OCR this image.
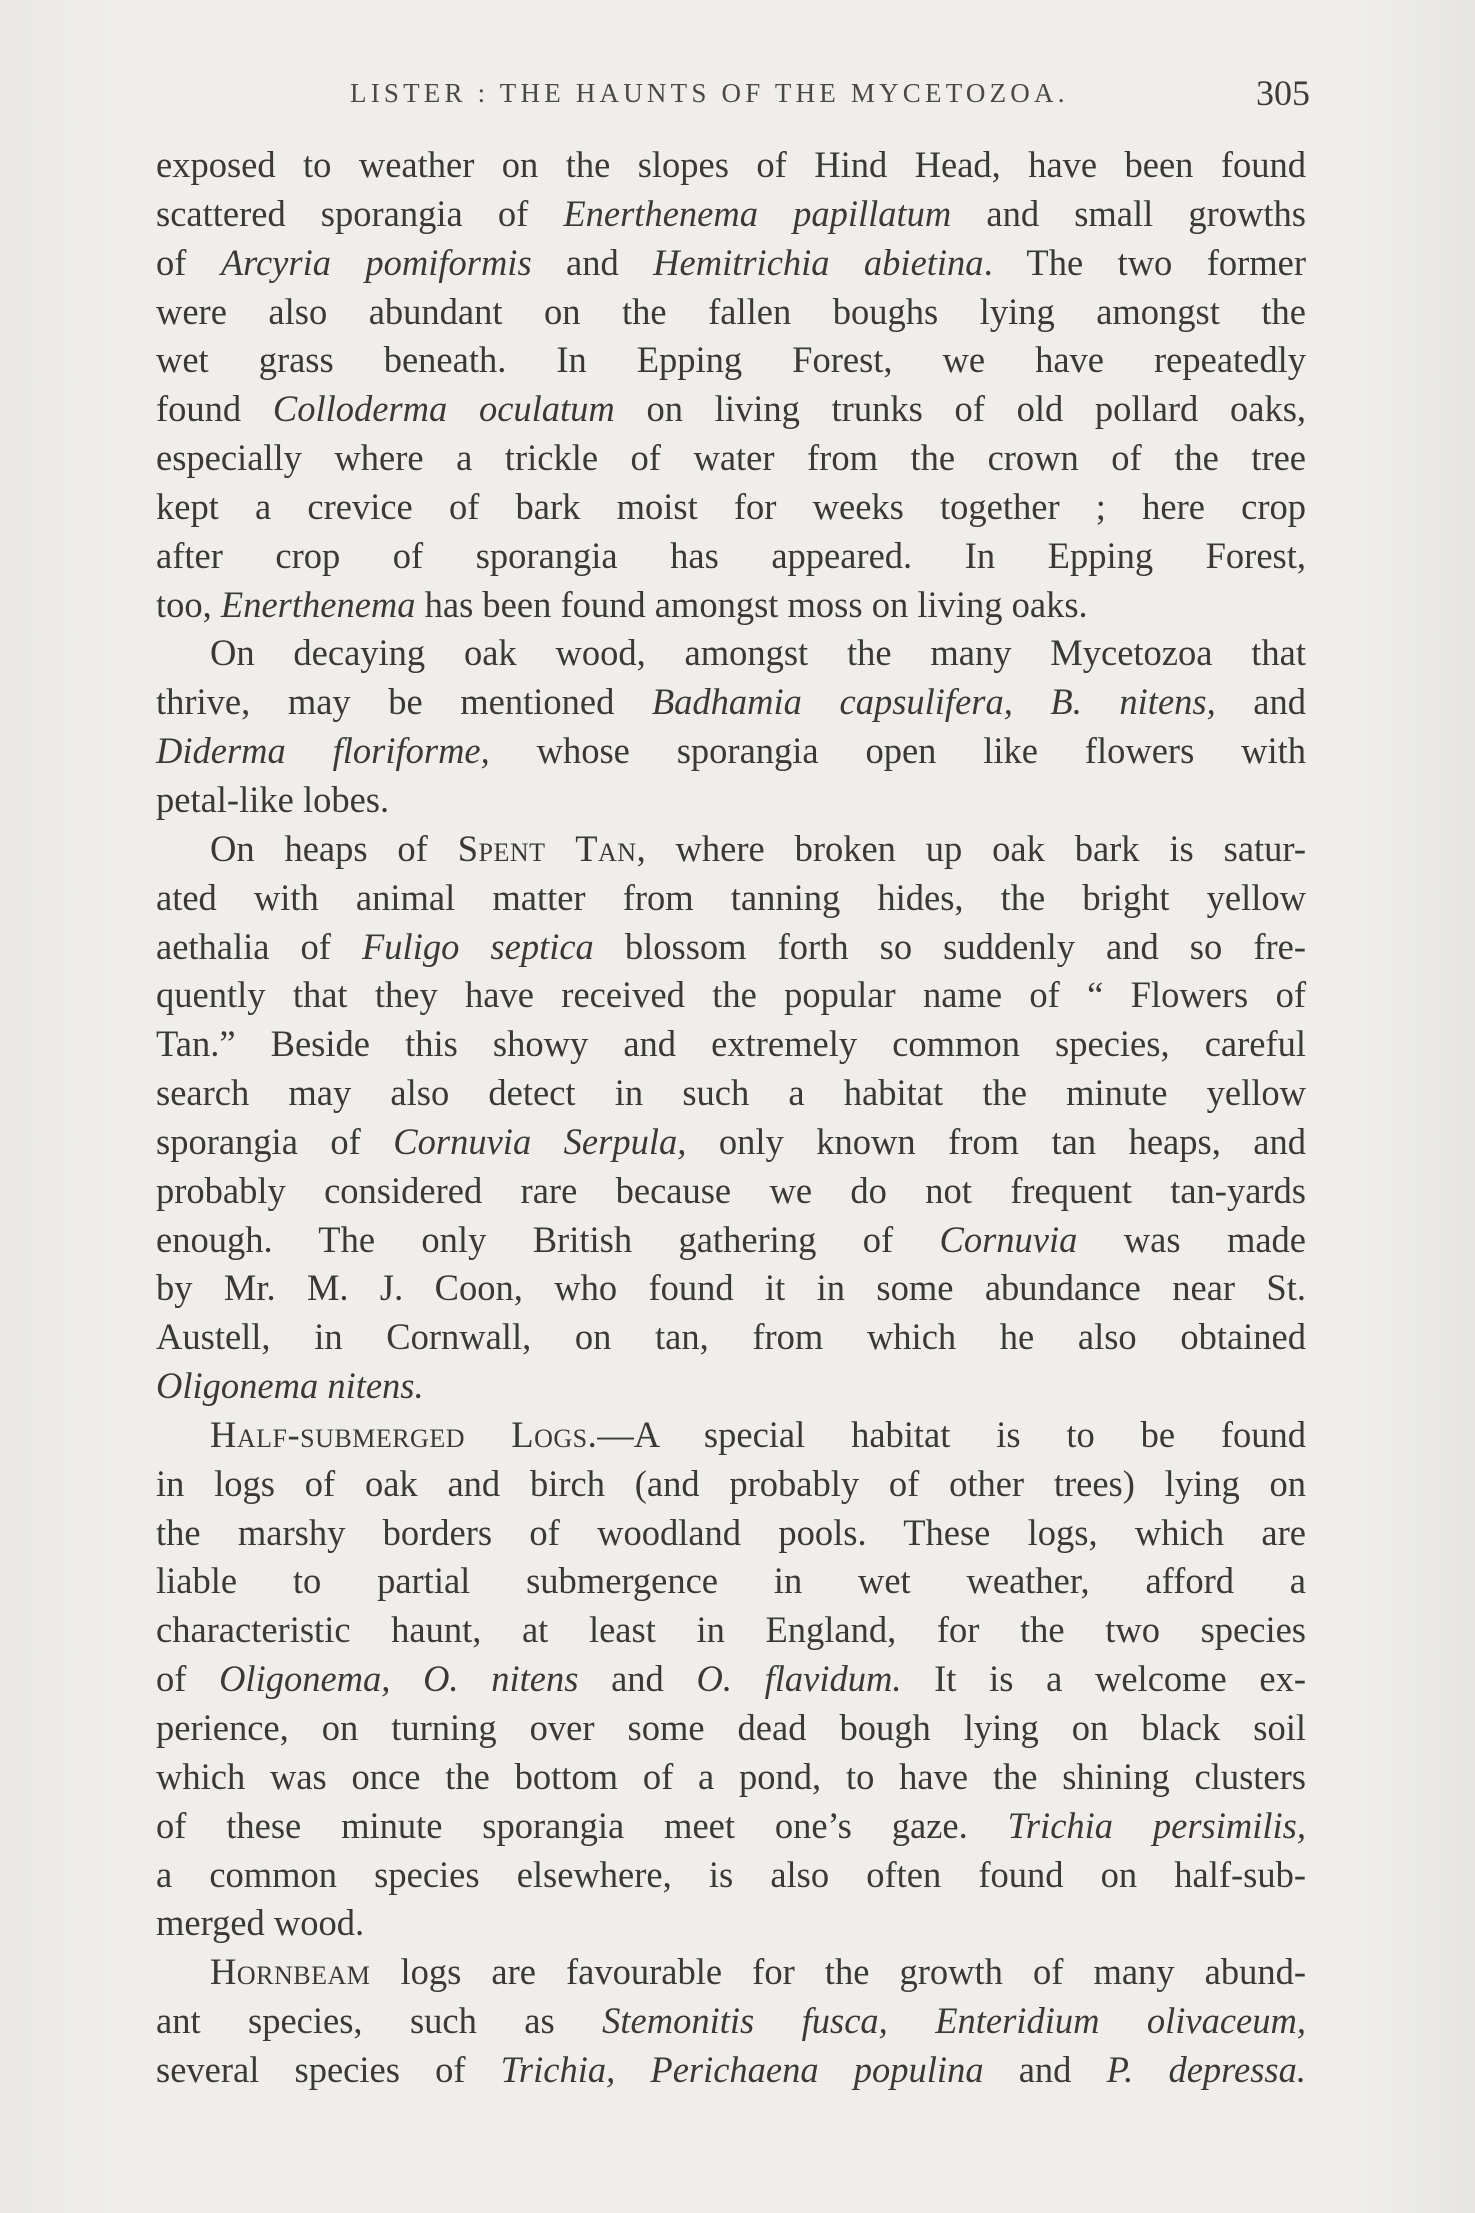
LISTER : THE HAUNTS OF THE MYCETOZOA.	305
exposed to weather on the slopes of Hind Head, have been found
scattered sporangia of Enerthenema papillatum and small growths
of Arcyria pomiformis and Hemitrichia abietina. The two former
were also abundant on the fallen boughs lying amongst the
wet grass beneath. In Epping Forest, we have repeatedly
found Colloderma oculatum on living trunks of old pollard oaks,
especially where a trickle of water from the crown of the tree
kept a crevice of bark moist for weeks together ; here crop
after crop of sporangia has appeared. In Epping Forest,
too, Enerthenema has been found amongst moss on living oaks.
On decaying oak wood, amongst the many Mycetozoa that
thrive, may be mentioned Badhamia capsulifera, B. nitens, and
Diderma floriforme, whose sporangia open like flowers with
petal-like lobes.
On heaps of Spent Tan, where broken up oak bark is satur-
ated with animal matter from tanning hides, the bright yellow
aethalia of Fuligo septica blossom forth so suddenly and so fre-
quently that they have received the popular name of “ Flowers of
Tan.” Beside this showy and extremely common species, careful
search may also detect in such a habitat the minute yellow
sporangia of Cornuvia Serpula, only known from tan heaps, and
probably considered rare because we do not frequent tan-yards
enough. The only British gathering of Cornuvia was made
by Mr. M. J. Coon, who found it in some abundance near St.
Austell, in Cornwall, on tan, from which he also obtained
Oligonema nitens.
Half-submerged Logs.—A special habitat is to be found
in logs of oak and birch (and probably of other trees) lying on
the marshy borders of woodland pools. These logs, which are
liable to partial submergence in wet weather, afford a
characteristic haunt, at least in England, for the two species
of Oligonema, O. nitens and O. flavidum. It is a welcome ex-
perience, on turning over some dead bough lying on black soil
which was once the bottom of a pond, to have the shining clusters
of these minute sporangia meet one’s gaze. Trichia persimilis,
a common species elsewhere, is also often found on half-sub-
merged wood.
Hornbeam logs are favourable for the growth of many abund-
ant species, such as Stemonitis fusca, Enteridium olivaceum,
several species of Trichia, Perichaena populina and P. depressa.
